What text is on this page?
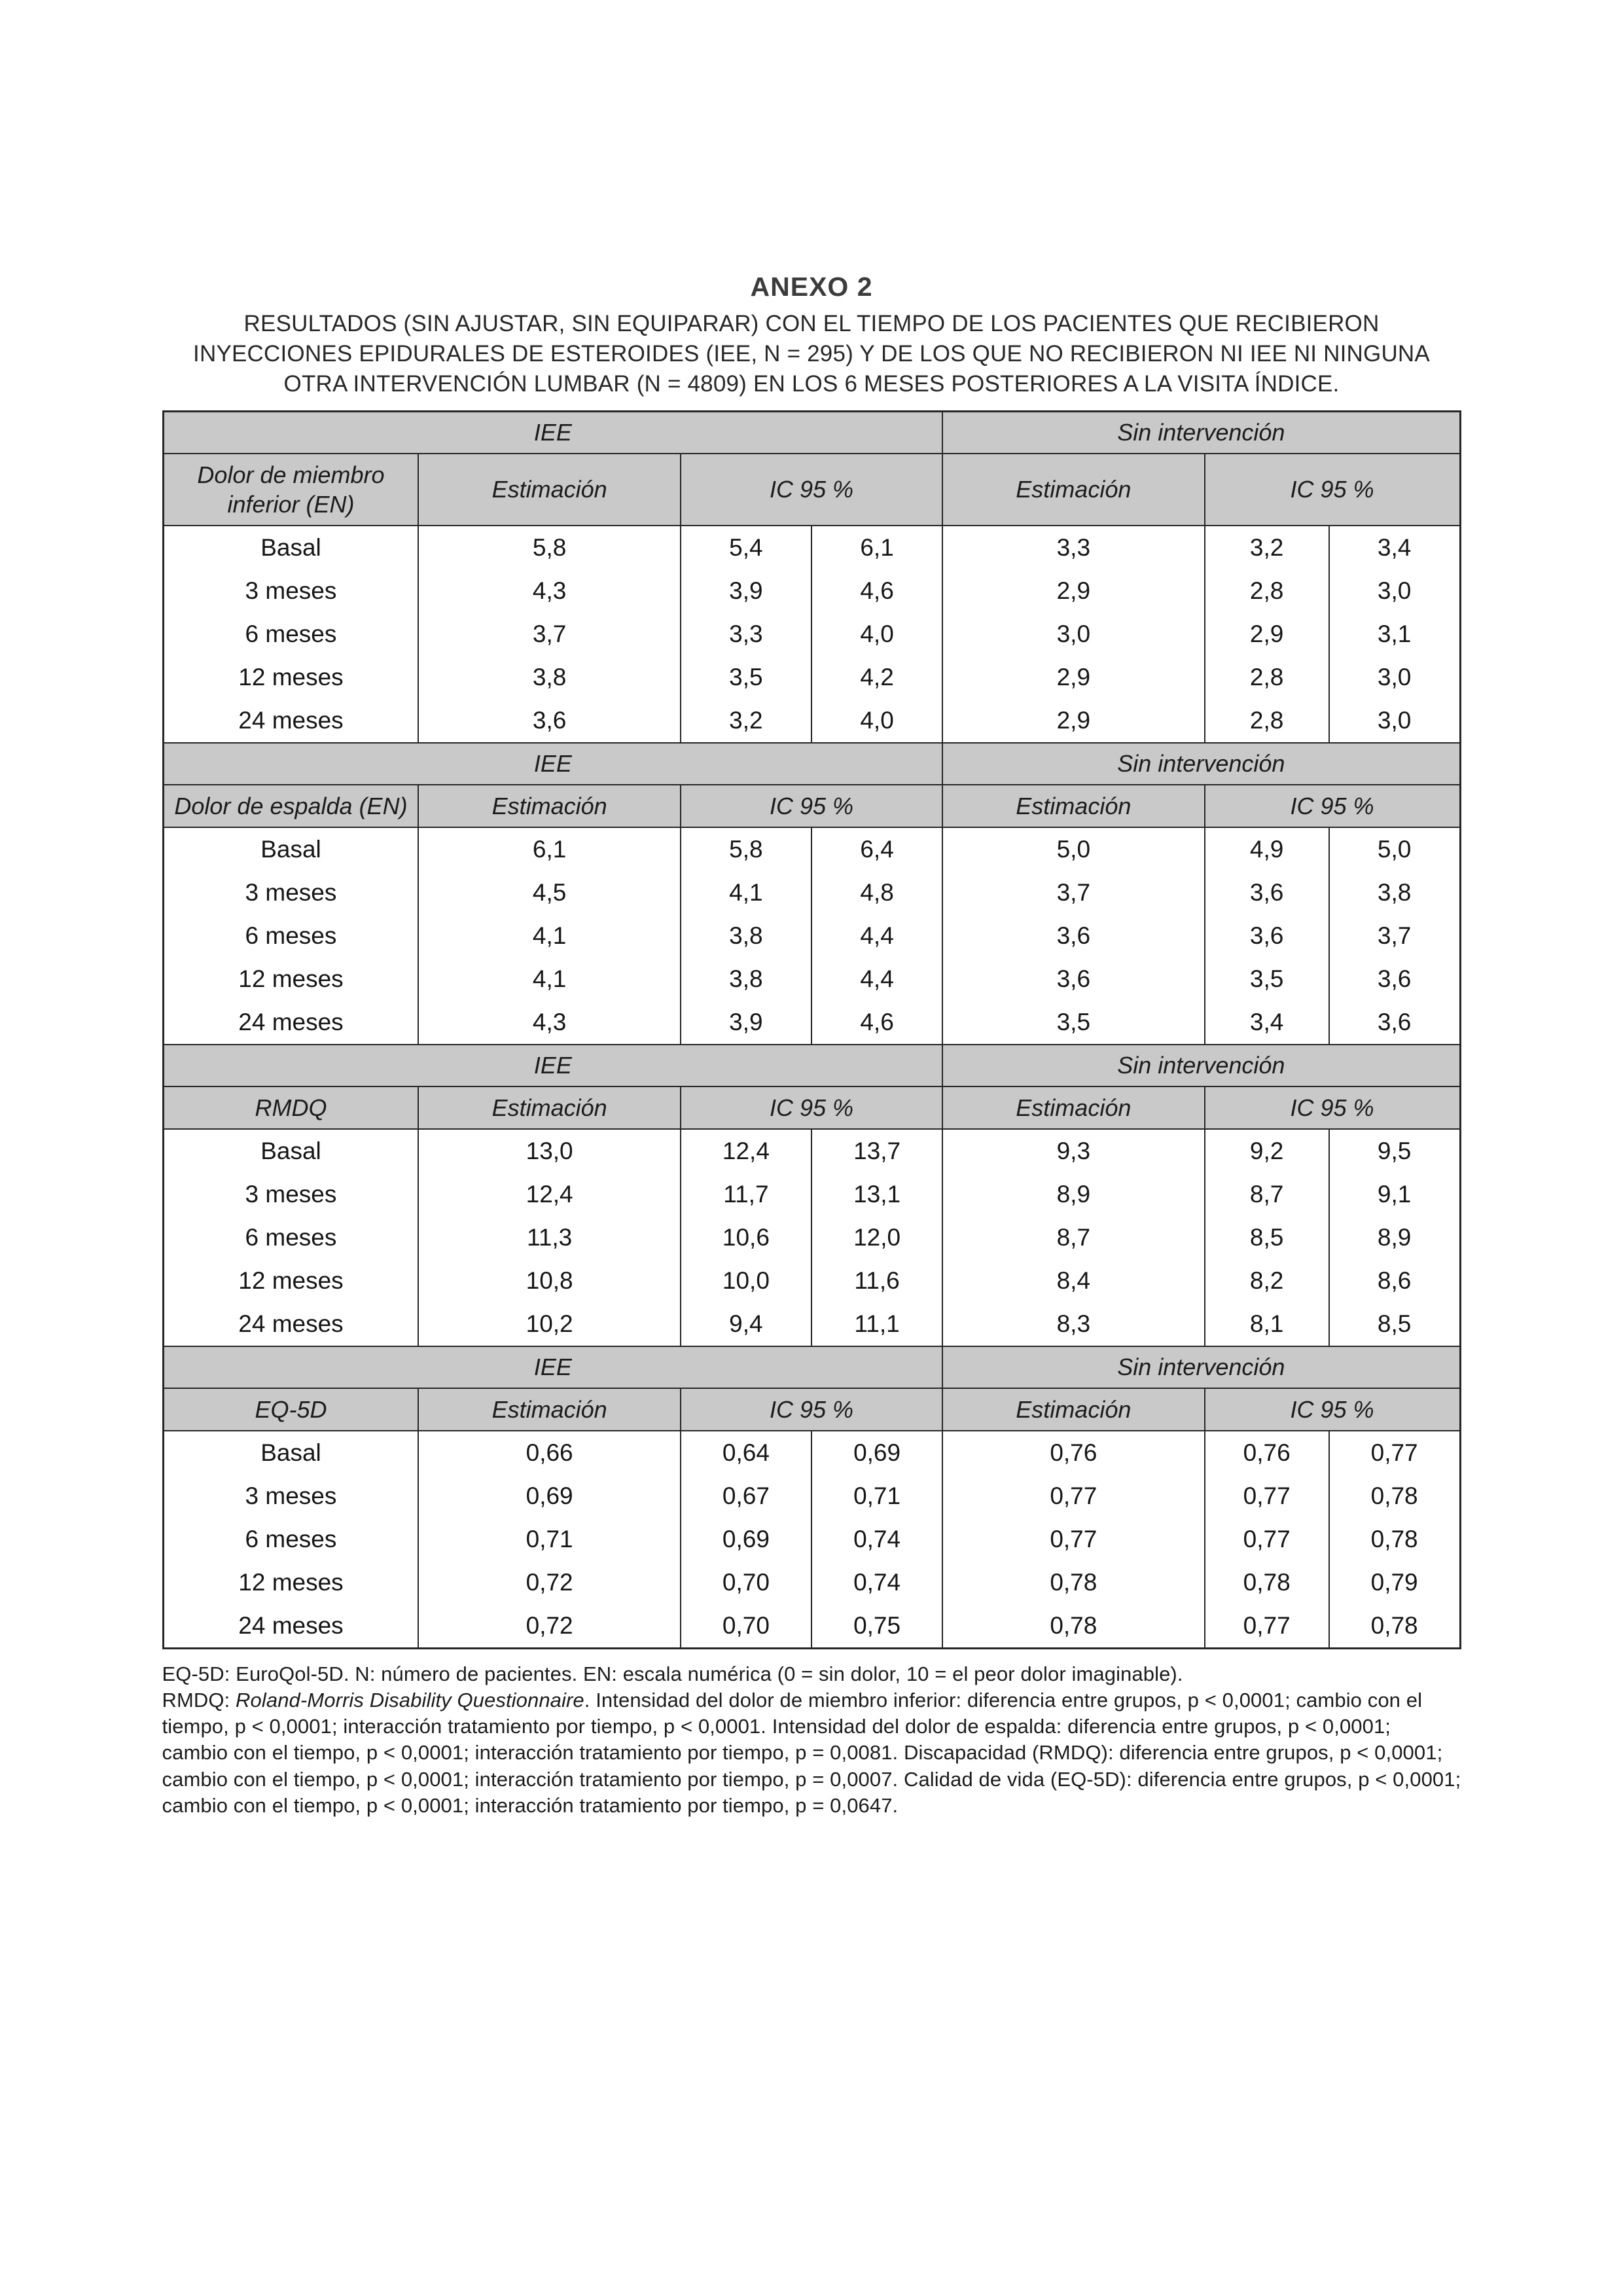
ANEXO 2
RESULTADOS (SIN AJUSTAR, SIN EQUIPARAR) CON EL TIEMPO DE LOS PACIENTES QUE RECIBIERON INYECCIONES EPIDURALES DE ESTEROIDES (IEE, N = 295) Y DE LOS QUE NO RECIBIERON NI IEE NI NINGUNA OTRA INTERVENCIÓN LUMBAR (N = 4809) EN LOS 6 MESES POSTERIORES A LA VISITA ÍNDICE.
IEE				Sin intervención		
Dolor de miembro inferior (EN)	Estimación	IC 95 %		Estimación	IC 95 %	
Basal	5,8	5,4	6,1	3,3	3,2	3,4
3 meses	4,3	3,9	4,6	2,9	2,8	3,0
6 meses	3,7	3,3	4,0	3,0	2,9	3,1
12 meses	3,8	3,5	4,2	2,9	2,8	3,0
24 meses	3,6	3,2	4,0	2,9	2,8	3,0
IEE				Sin intervención		
Dolor de espalda (EN)	Estimación	IC 95 %		Estimación	IC 95 %	
Basal	6,1	5,8	6,4	5,0	4,9	5,0
3 meses	4,5	4,1	4,8	3,7	3,6	3,8
6 meses	4,1	3,8	4,4	3,6	3,6	3,7
12 meses	4,1	3,8	4,4	3,6	3,5	3,6
24 meses	4,3	3,9	4,6	3,5	3,4	3,6
IEE				Sin intervención		
RMDQ	Estimación	IC 95 %		Estimación	IC 95 %	
Basal	13,0	12,4	13,7	9,3	9,2	9,5
3 meses	12,4	11,7	13,1	8,9	8,7	9,1
6 meses	11,3	10,6	12,0	8,7	8,5	8,9
12 meses	10,8	10,0	11,6	8,4	8,2	8,6
24 meses	10,2	9,4	11,1	8,3	8,1	8,5
IEE				Sin intervención		
EQ-5D	Estimación	IC 95 %		Estimación	IC 95 %	
Basal	0,66	0,64	0,69	0,76	0,76	0,77
3 meses	0,69	0,67	0,71	0,77	0,77	0,78
6 meses	0,71	0,69	0,74	0,77	0,77	0,78
12 meses	0,72	0,70	0,74	0,78	0,78	0,79
24 meses	0,72	0,70	0,75	0,78	0,77	0,78
EQ-5D: EuroQol-5D. N: número de pacientes. EN: escala numérica (0 = sin dolor, 10 = el peor dolor imaginable).
RMDQ: Roland-Morris Disability Questionnaire. Intensidad del dolor de miembro inferior: diferencia entre grupos, p < 0,0001; cambio con el tiempo, p < 0,0001; interacción tratamiento por tiempo, p < 0,0001. Intensidad del dolor de espalda: diferencia entre grupos, p < 0,0001; cambio con el tiempo, p < 0,0001; interacción tratamiento por tiempo, p = 0,0081. Discapacidad (RMDQ): diferencia entre grupos, p < 0,0001; cambio con el tiempo, p < 0,0001; interacción tratamiento por tiempo, p = 0,0007. Calidad de vida (EQ-5D): diferencia entre grupos, p < 0,0001; cambio con el tiempo, p < 0,0001; interacción tratamiento por tiempo, p = 0,0647.
